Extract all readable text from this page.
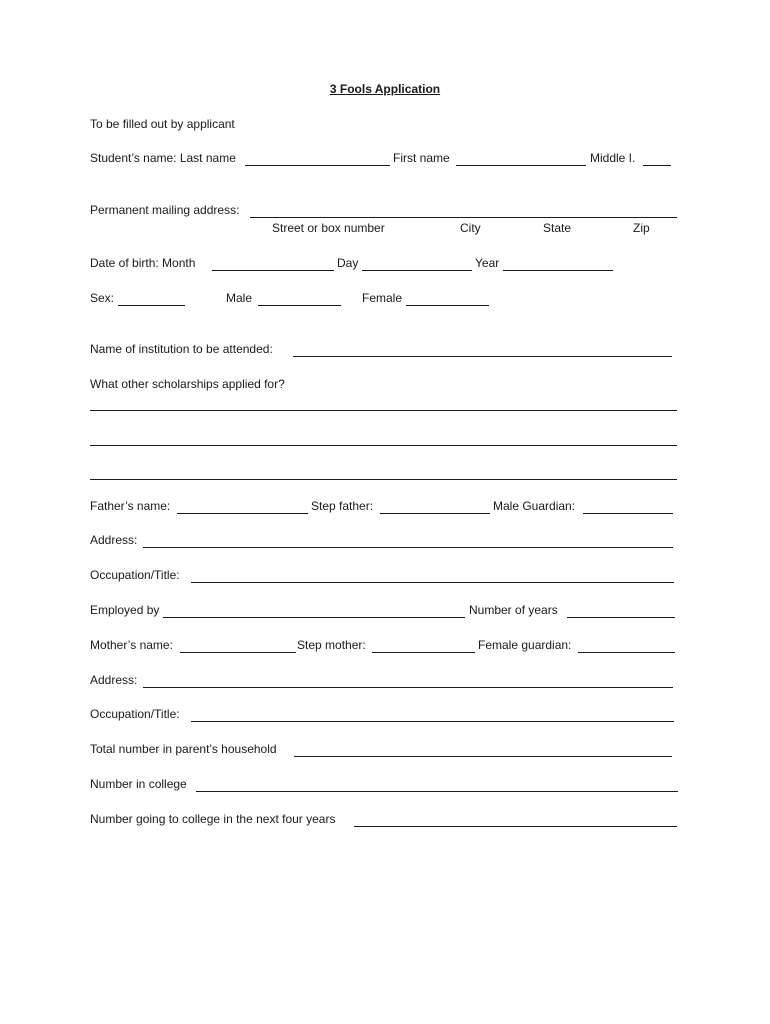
3 Fools Application
To be filled out by applicant
Student’s name: Last name	First name	Middle I.
Permanent mailing address:
Street or box number	City	State	Zip
Date of birth: Month	Day	Year
Sex:	Male	Female
Name of institution to be attended:
What other scholarships applied for?
Father’s name:	Step father:	Male Guardian:
Address:
Occupation/Title:
Employed by	Number of years
Mother’s name:	Step mother:	Female guardian:
Address:
Occupation/Title:
Total number in parent’s household
Number in college
Number going to college in the next four years
